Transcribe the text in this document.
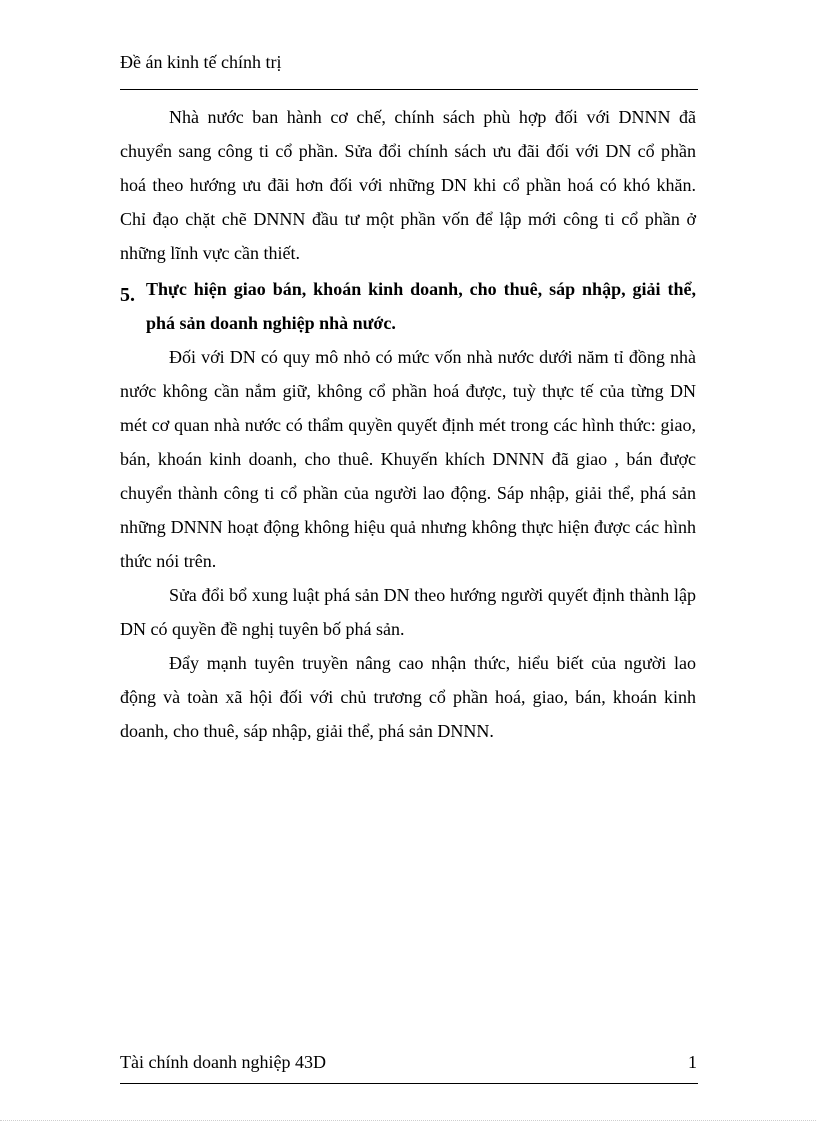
Đề án kinh tế chính trị

Nhà nước ban hành cơ chế, chính sách phù hợp đối với DNNN đã chuyển sang công ti cổ phần. Sửa đổi chính sách ưu đãi đối với DN cổ phần hoá theo hướng ưu đãi hơn đối với những DN khi cổ phần hoá có khó khăn. Chỉ đạo chặt chẽ DNNN đầu tư một phần vốn để lập mới công ti cổ phần ở những lĩnh vực cần thiết.

5. Thực hiện giao bán, khoán kinh doanh, cho thuê, sáp nhập, giải thể, phá sản doanh nghiệp nhà nước.

Đối với DN có quy mô nhỏ có mức vốn nhà nước dưới năm tỉ đồng nhà nước không cần nắm giữ, không cổ phần hoá được, tuỳ thực tế của từng DN mét cơ quan nhà nước có thẩm quyền quyết định mét trong các hình thức: giao, bán, khoán kinh doanh, cho thuê. Khuyến khích DNNN đã giao , bán được chuyển thành công ti cổ phần của người lao động. Sáp nhập, giải thể, phá sản những DNNN hoạt động không hiệu quả nhưng không thực hiện được các hình thức nói trên.

Sửa đổi bổ xung luật phá sản DN theo hướng người quyết định thành lập DN có quyền đề nghị tuyên bố phá sản.

Đẩy mạnh tuyên truyền nâng cao nhận thức, hiểu biết của người lao động và toàn xã hội đối với chủ trương cổ phần hoá, giao, bán, khoán kinh doanh, cho thuê, sáp nhập, giải thể, phá sản DNNN.

Tài chính doanh nghiệp 43D	1
